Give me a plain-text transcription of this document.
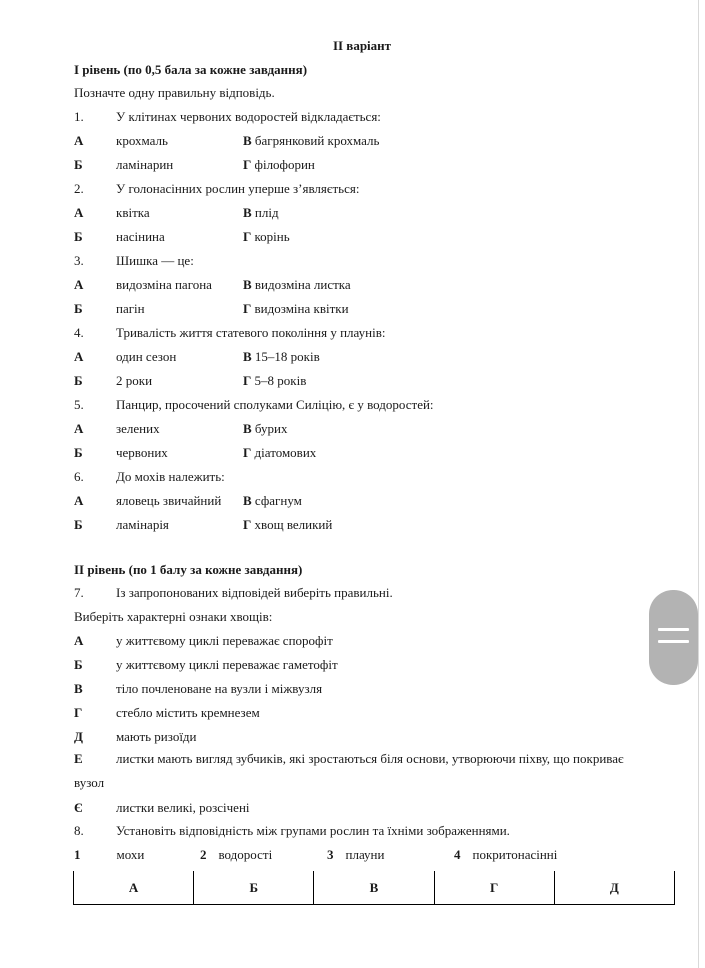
II варіант
I рівень (по 0,5 бала за кожне завдання)
Позначте одну правильну відповідь.
1. У клітинах червоних водоростей відкладається:
А	крохмаль	В багрянковий крохмаль
Б	ламінарин	Г філофорин
2. У голонасінних рослин уперше з’являється:
А	квітка	В плід
Б	насінина	Г корінь
3. Шишка — це:
А	видозміна пагона В видозміна листка
Б	пагін	Г видозміна квітки
4. Тривалість життя статевого покоління у плаунів:
А	один сезон	В 15–18 років
Б	2 роки	Г 5–8 років
5. Панцир, просочений сполуками Силіцію, є у водоростей:
А	зелених	В бурих
Б	червоних	Г діатомових
6. До мохів належить:
А	яловець звичайний В сфагнум
Б	ламінарія	Г хвощ великий
II рівень (по 1 балу за кожне завдання)
7. Із запропонованих відповідей виберіть правильні.
Виберіть характерні ознаки хвощів:
А	у життєвому циклі переважає спорофіт
Б	у життєвому циклі переважає гаметофіт
В	тіло почленоване на вузли і міжвузля
Г	стебло містить кремнезем
Д	мають ризоїди
Е	листки мають вигляд зубчиків, які зростаються біля основи, утворюючи піхву, що покриває вузол
Є	листки великі, розсічені
8. Установіть відповідність між групами рослин та їхніми зображеннями.
1	мохи	2 водорості	3 плауни	4 покритонасінні
А	Б	В	Г	Д
